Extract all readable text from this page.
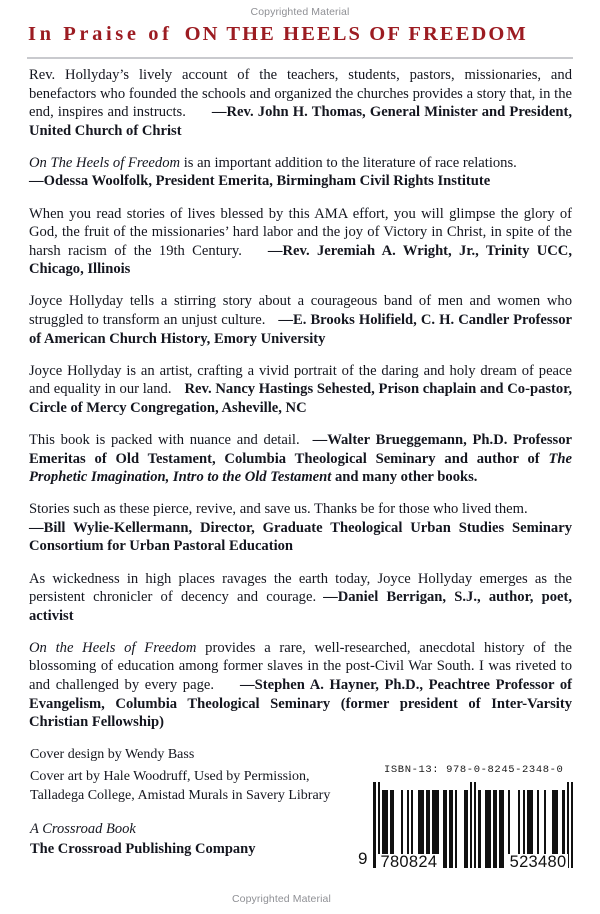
Copyrighted Material
In Praise of ON THE HEELS OF FREEDOM

Rev. Hollyday’s lively account of the teachers, students, pastors, missionaries, and benefactors who founded the schools and organized the churches provides a story that, in the end, inspires and instructs. —Rev. John H. Thomas, General Minister and President, United Church of Christ

On The Heels of Freedom is an important addition to the literature of race relations.
—Odessa Woolfolk, President Emerita, Birmingham Civil Rights Institute

When you read stories of lives blessed by this AMA effort, you will glimpse the glory of God, the fruit of the missionaries’ hard labor and the joy of Victory in Christ, in spite of the harsh racism of the 19th Century. —Rev. Jeremiah A. Wright, Jr., Trinity UCC, Chicago, Illinois

Joyce Hollyday tells a stirring story about a courageous band of men and women who struggled to transform an unjust culture. —E. Brooks Holifield, C. H. Candler Professor of American Church History, Emory University

Joyce Hollyday is an artist, crafting a vivid portrait of the daring and holy dream of peace and equality in our land. Rev. Nancy Hastings Sehested, Prison chaplain and Co-pastor, Circle of Mercy Congregation, Asheville, NC

This book is packed with nuance and detail. —Walter Brueggemann, Ph.D. Professor Emeritas of Old Testament, Columbia Theological Seminary and author of The Prophetic Imagination, Intro to the Old Testament and many other books.

Stories such as these pierce, revive, and save us. Thanks be for those who lived them.
—Bill Wylie-Kellermann, Director, Graduate Theological Urban Studies Seminary Consortium for Urban Pastoral Education

As wickedness in high places ravages the earth today, Joyce Hollyday emerges as the persistent chronicler of decency and courage. —Daniel Berrigan, S.J., author, poet, activist

On the Heels of Freedom provides a rare, well-researched, anecdotal history of the blossoming of education among former slaves in the post-Civil War South. I was riveted to and challenged by every page. —Stephen A. Hayner, Ph.D., Peachtree Professor of Evangelism, Columbia Theological Seminary (former president of Inter-Varsity Christian Fellowship)

Cover design by Wendy Bass

Cover art by Hale Woodruff, Used by Permission,

Talladega College, Amistad Murals in Savery Library

A Crossroad Book

The Crossroad Publishing Company

ISBN-13: 978-0-8245-2348-0
9 780824	523480
Copyrighted Material
